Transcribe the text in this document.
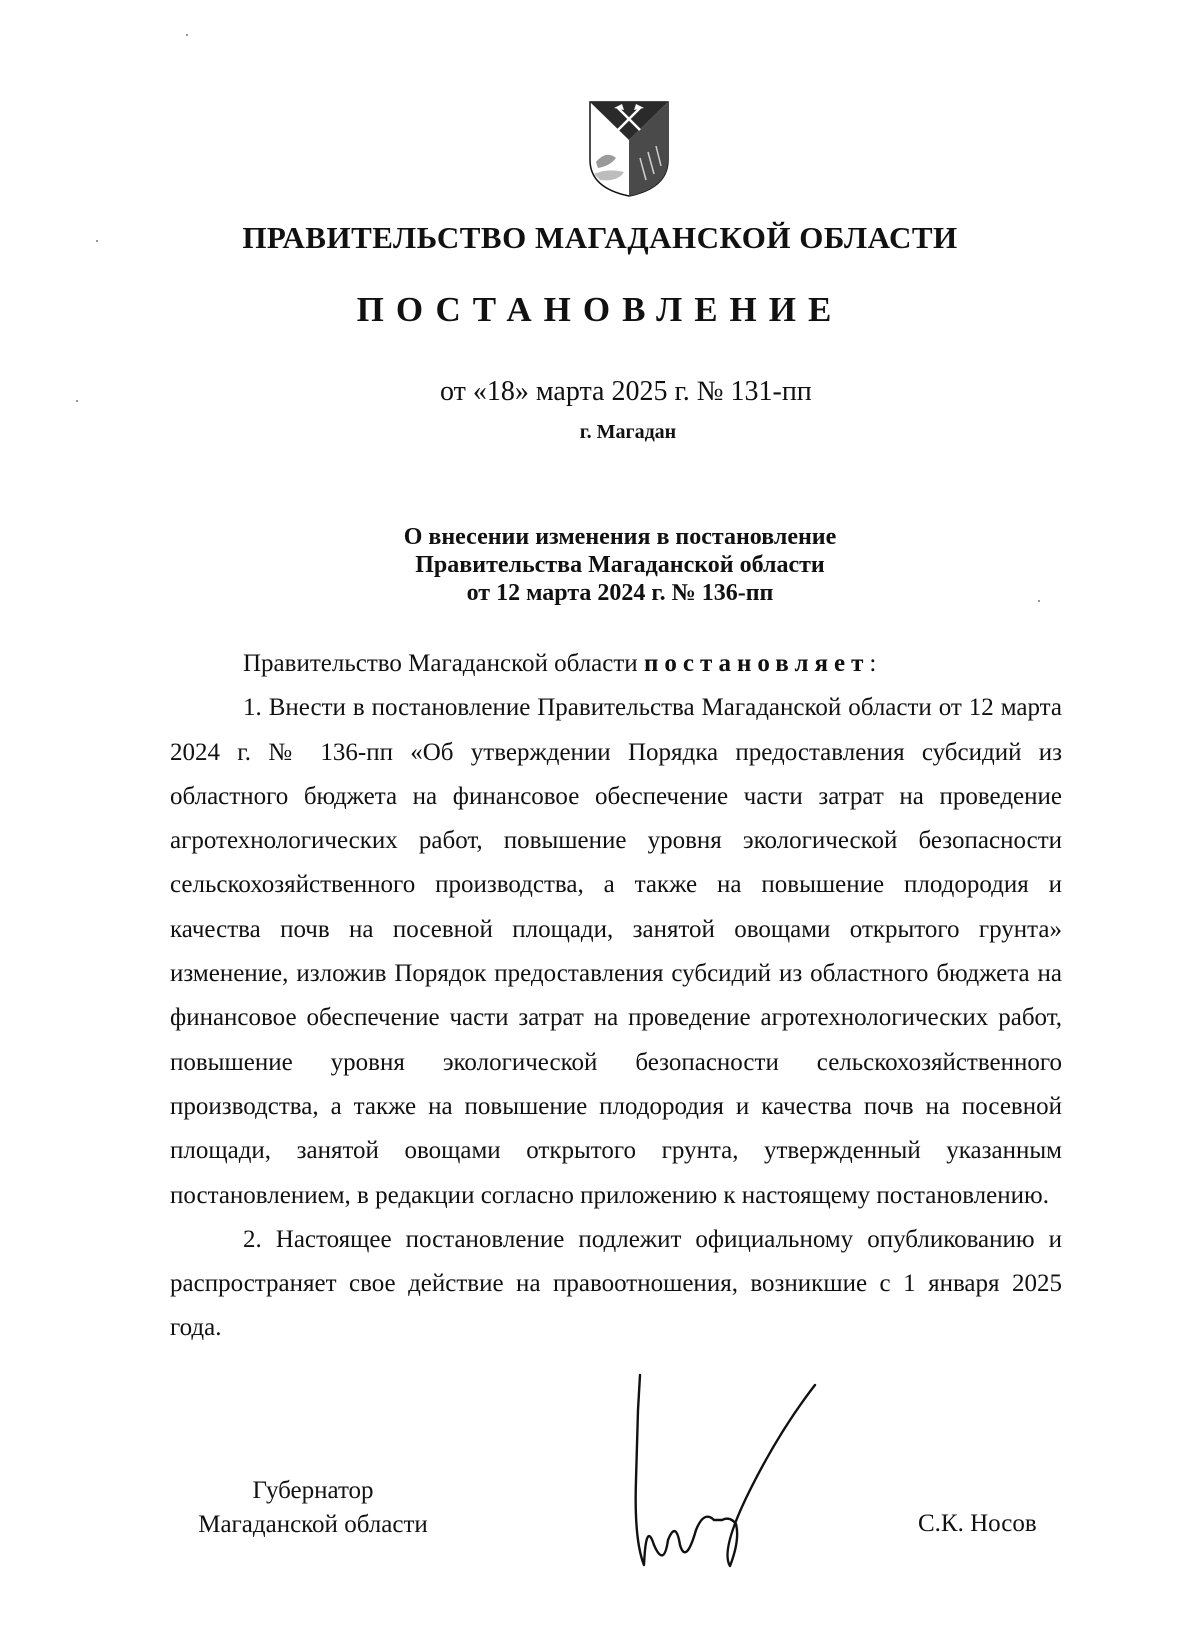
ПРАВИТЕЛЬСТВО МАГАДАНСКОЙ ОБЛАСТИ
ПОСТАНОВЛЕНИЕ
от «18» марта 2025 г. № 131-пп
г. Магадан
О внесении изменения в постановление
Правительства Магаданской области
от 12 марта 2024 г. № 136-пп

Правительство Магаданской области постановляет:

1. Внести в постановление Правительства Магаданской области от 12 марта 2024 г. № 136-пп «Об утверждении Порядка предоставления субсидий из областного бюджета на финансовое обеспечение части затрат на проведение агротехнологических работ, повышение уровня экологической безопасности сельскохозяйственного производства, а также на повышение плодородия и качества почв на посевной площади, занятой овощами открытого грунта» изменение, изложив Порядок предоставления субсидий из областного бюджета на финансовое обеспечение части затрат на проведение агротехнологических работ, повышение уровня экологической безопасности сельскохозяйственного производства, а также на повышение плодородия и качества почв на посевной площади, занятой овощами открытого грунта, утвержденный указанным постановлением, в редакции согласно приложению к настоящему постановлению.

2. Настоящее постановление подлежит официальному опубликованию и распространяет свое действие на правоотношения, возникшие с 1 января 2025 года.

Губернатор
Магаданской области	С.К. Носов
